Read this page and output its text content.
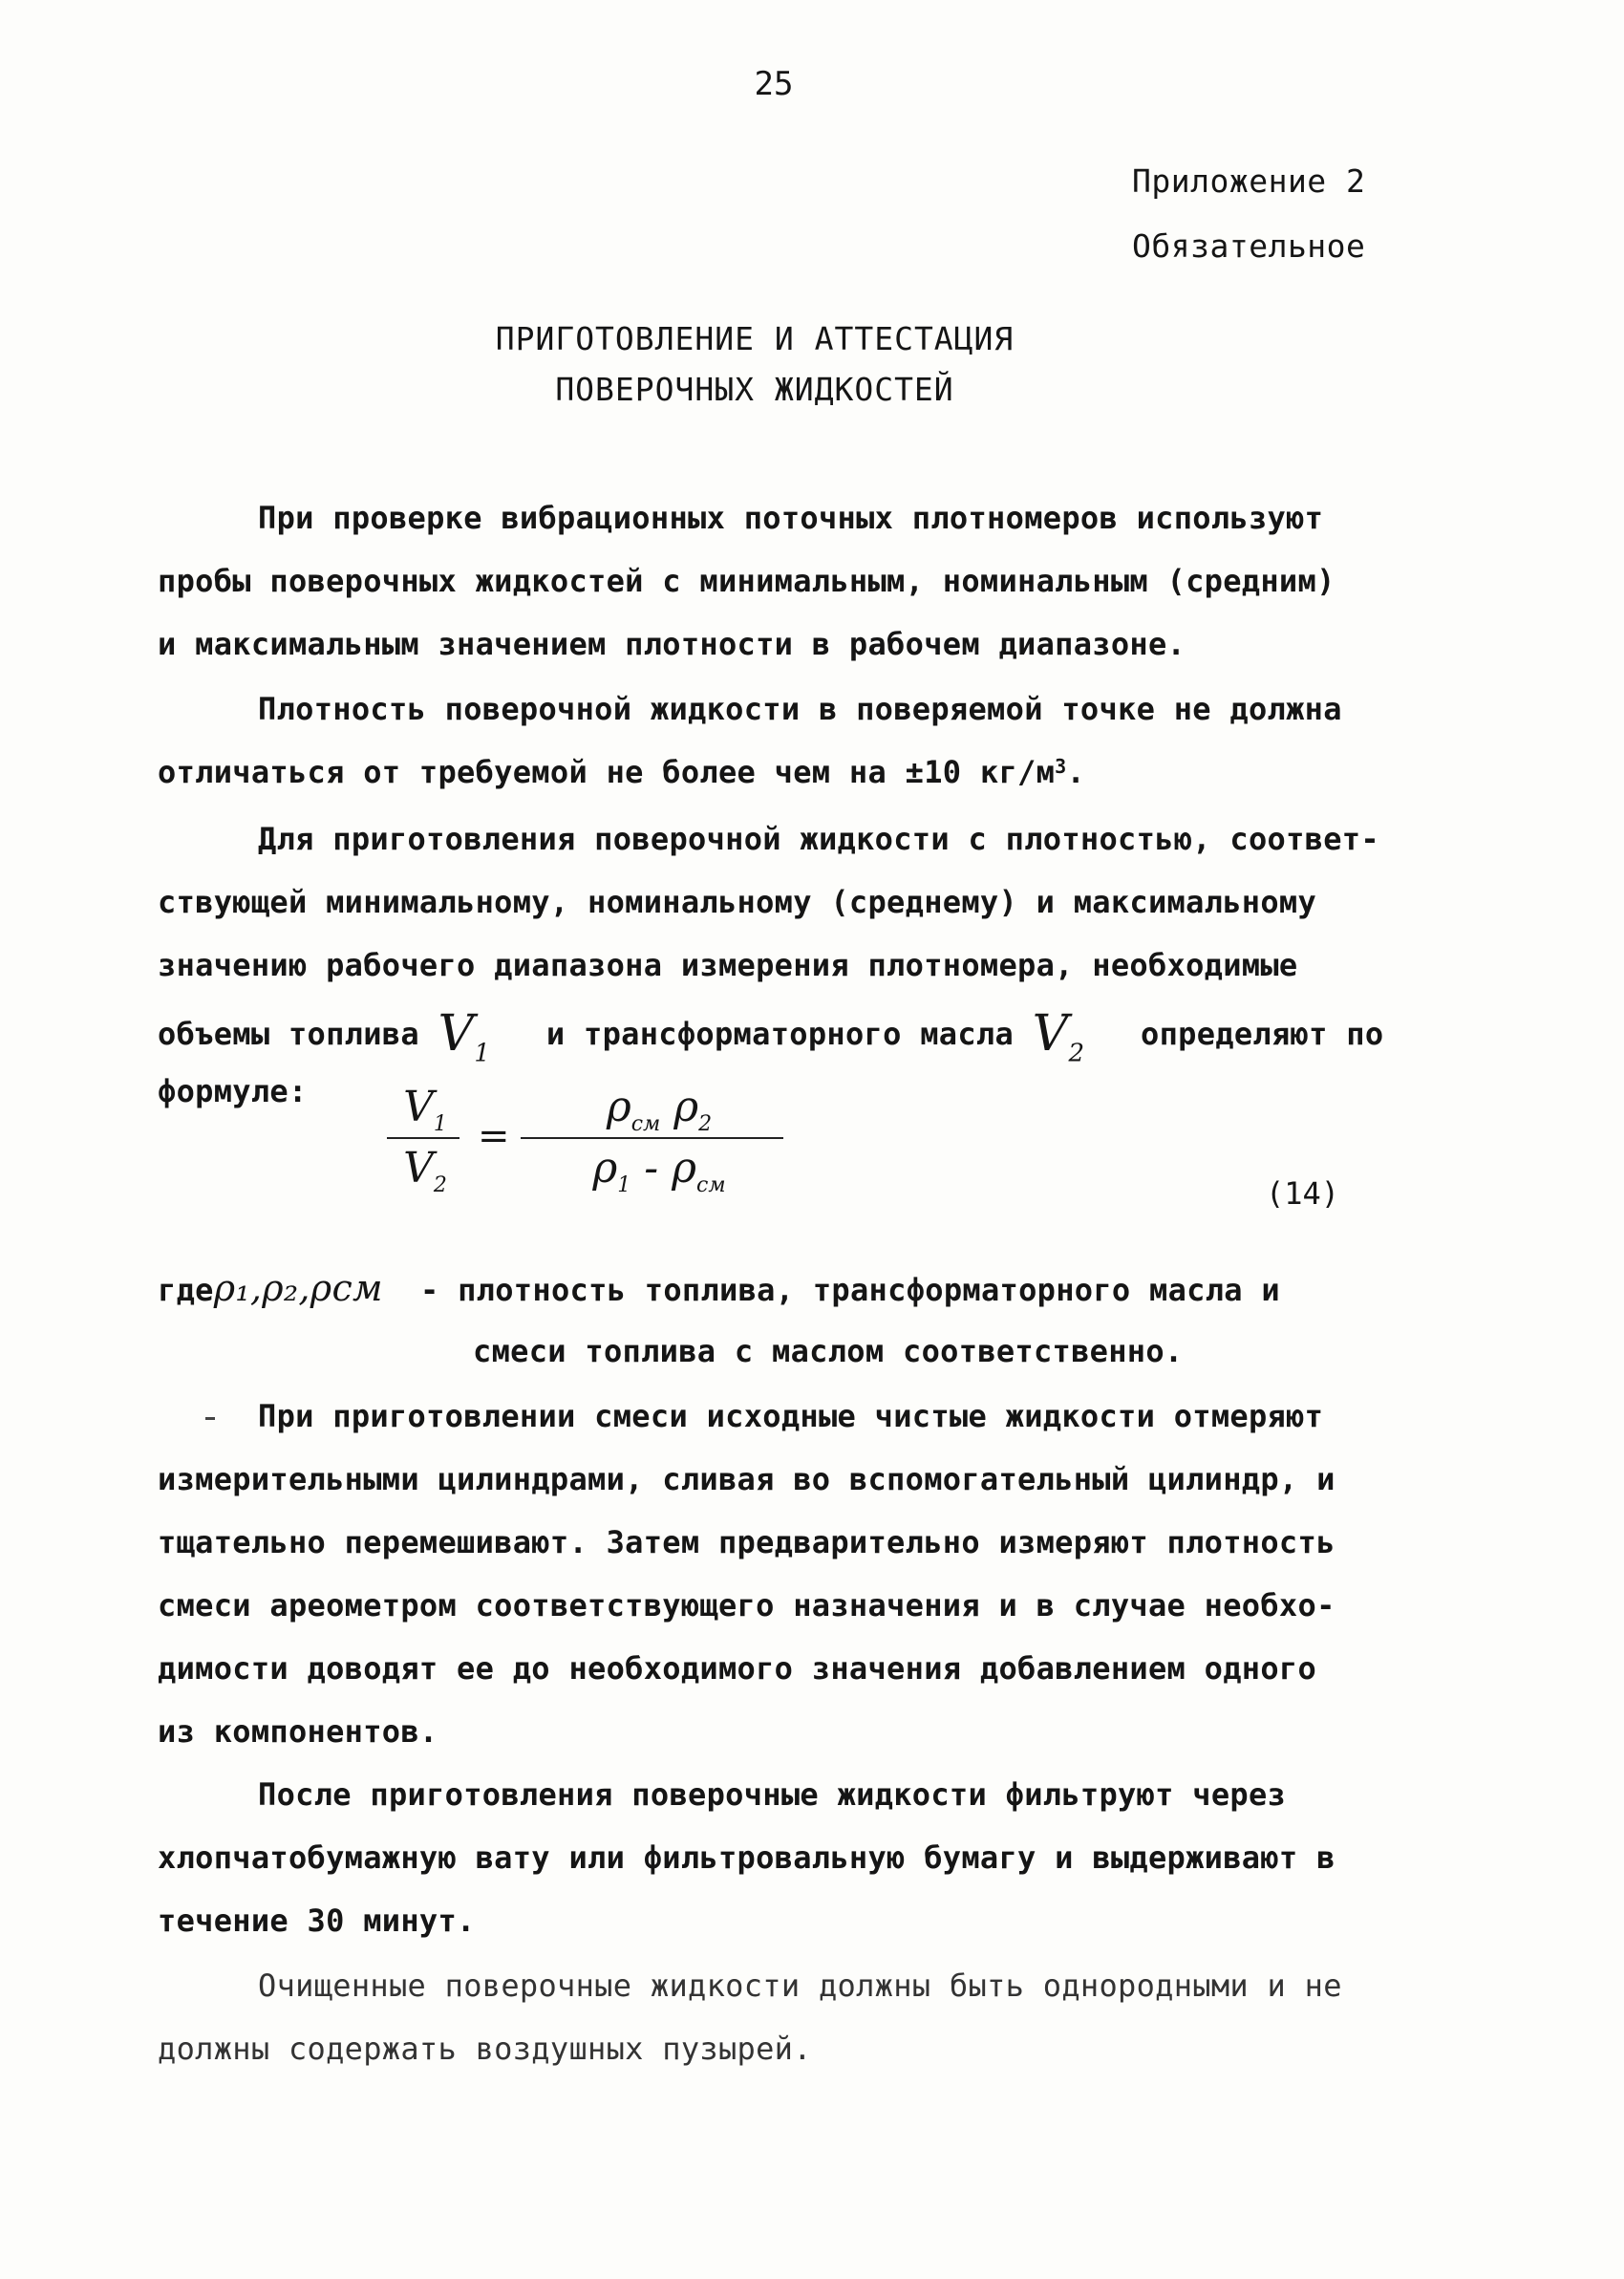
25
Приложение 2
Обязательное
ПРИГОТОВЛЕНИЕ И АТТЕСТАЦИЯ
ПОВЕРОЧНЫХ ЖИДКОСТЕЙ
При проверке вибрационных поточных плотномеров используют
пробы поверочных жидкостей с минимальным, номинальным (средним)
и максимальным значением плотности в рабочем диапазоне.
Плотность поверочной жидкости в поверяемой точке не должна
отличаться от требуемой не более чем на ±10 $кг/м^3$.
Для приготовления поверочной жидкости с плотностью, соответ-
ствующей минимальному, номинальному (среднему) и максимальному
значению рабочего диапазона измерения плотномера, необходимые
объемы топлива $V_1$   и трансформаторного масла $V_2$   определяют по
формуле:	$V_1$
$V_2$
=
$\rho_{см}$ $\rho_2$
$\rho_1 - \rho_{см}$	(14)
гдеρ₁,ρ₂,ρсм - плотность топлива, трансформаторного масла и
смеси топлива с маслом соответственно.
При приготовлении смеси исходные чистые жидкости отмеряют
измерительными цилиндрами, сливая во вспомогательный цилиндр, и
тщательно перемешивают. Затем предварительно измеряют плотность
смеси ареометром соответствующего назначения и в случае необхо-
димости доводят ее до необходимого значения добавлением одного
из компонентов.
После приготовления поверочные жидкости фильтруют через
хлопчатобумажную вату или фильтровальную бумагу и выдерживают в
течение 30 минут.
Очищенные поверочные жидкости должны быть однородными и не
должны содержать воздушных пузырей.
